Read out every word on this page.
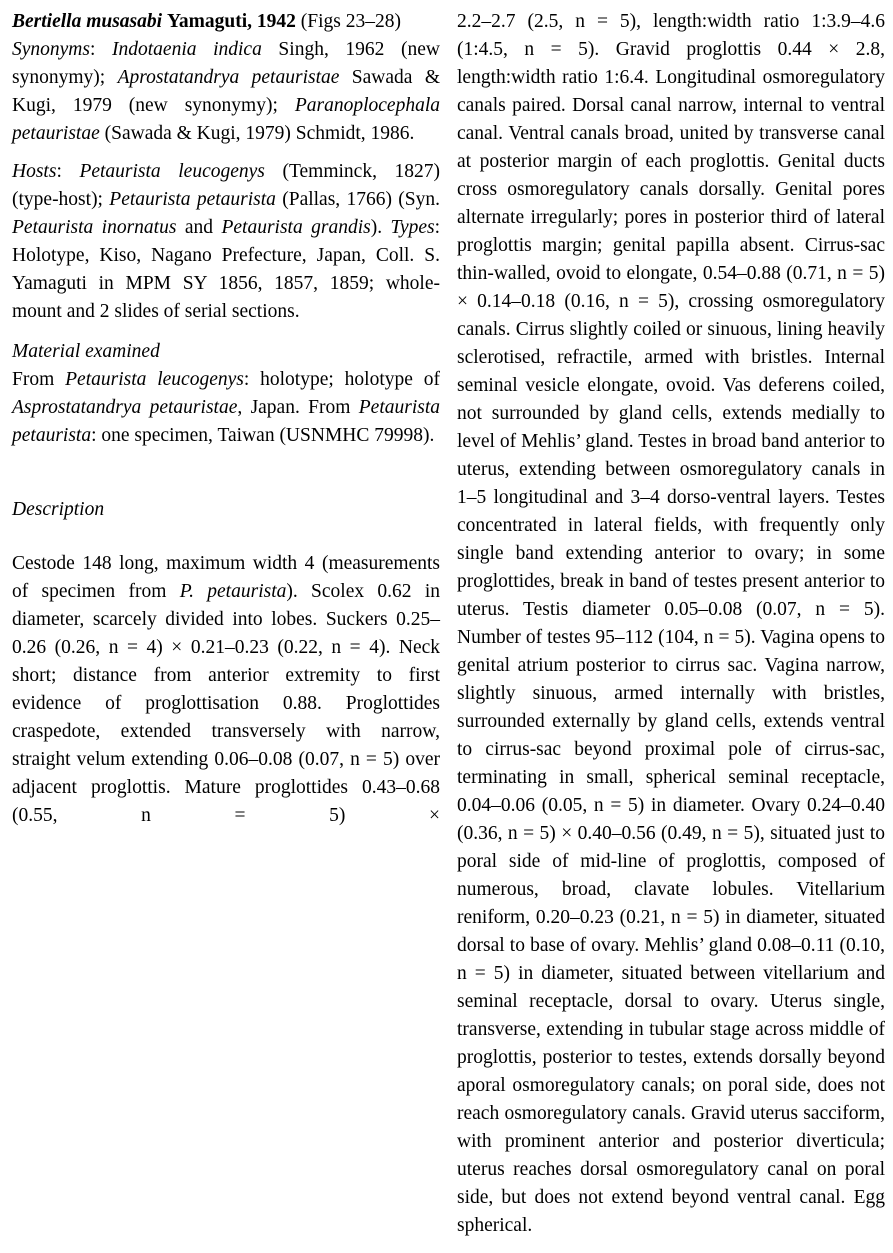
Bertiella musasabi Yamaguti, 1942 (Figs 23–28)

Synonyms: Indotaenia indica Singh, 1962 (new synonymy); Aprostatandrya petauristae Sawada & Kugi, 1979 (new synonymy); Paranoplocephala petauristae (Sawada & Kugi, 1979) Schmidt, 1986.

Hosts: Petaurista leucogenys (Temminck, 1827) (type-host); Petaurista petaurista (Pallas, 1766) (Syn. Petaurista inornatus and Petaurista grandis). Types: Holotype, Kiso, Nagano Prefecture, Japan, Coll. S. Yamaguti in MPM SY 1856, 1857, 1859; whole-mount and 2 slides of serial sections.

Material examined

From Petaurista leucogenys: holotype; holotype of Asprostatandrya petauristae, Japan. From Petaurista petaurista: one specimen, Taiwan (USNMHC 79998).

Description

Cestode 148 long, maximum width 4 (measurements of specimen from P. petaurista). Scolex 0.62 in diameter, scarcely divided into lobes. Suckers 0.25–0.26 (0.26, n = 4) × 0.21–0.23 (0.22, n = 4). Neck short; distance from anterior extremity to first evidence of proglottisation 0.88. Proglottides craspedote, extended transversely with narrow, straight velum extending 0.06–0.08 (0.07, n = 5) over adjacent proglottis. Mature proglottides 0.43–0.68 (0.55, n = 5) ×

2.2–2.7 (2.5, n = 5), length:width ratio 1:3.9–4.6 (1:4.5, n = 5). Gravid proglottis 0.44 × 2.8, length:width ratio 1:6.4. Longitudinal osmoregulatory canals paired. Dorsal canal narrow, internal to ventral canal. Ventral canals broad, united by transverse canal at posterior margin of each proglottis. Genital ducts cross osmoregulatory canals dorsally. Genital pores alternate irregularly; pores in posterior third of lateral proglottis margin; genital papilla absent. Cirrus-sac thin-walled, ovoid to elongate, 0.54–0.88 (0.71, n = 5) × 0.14–0.18 (0.16, n = 5), crossing osmoregulatory canals. Cirrus slightly coiled or sinuous, lining heavily sclerotised, refractile, armed with bristles. Internal seminal vesicle elongate, ovoid. Vas deferens coiled, not surrounded by gland cells, extends medially to level of Mehlis’ gland. Testes in broad band anterior to uterus, extending between osmoregulatory canals in 1–5 longitudinal and 3–4 dorso-ventral layers. Testes concentrated in lateral fields, with frequently only single band extending anterior to ovary; in some proglottides, break in band of testes present anterior to uterus. Testis diameter 0.05–0.08 (0.07, n = 5). Number of testes 95–112 (104, n = 5). Vagina opens to genital atrium posterior to cirrus sac. Vagina narrow, slightly sinuous, armed internally with bristles, surrounded externally by gland cells, extends ventral to cirrus-sac beyond proximal pole of cirrus-sac, terminating in small, spherical seminal receptacle, 0.04–0.06 (0.05, n = 5) in diameter. Ovary 0.24–0.40 (0.36, n = 5) × 0.40–0.56 (0.49, n = 5), situated just to poral side of mid-line of proglottis, composed of numerous, broad, clavate lobules. Vitellarium reniform, 0.20–0.23 (0.21, n = 5) in diameter, situated dorsal to base of ovary. Mehlis’ gland 0.08–0.11 (0.10, n = 5) in diameter, situated between vitellarium and seminal receptacle, dorsal to ovary. Uterus single, transverse, extending in tubular stage across middle of proglottis, posterior to testes, extends dorsally beyond aporal osmoregulatory canals; on poral side, does not reach osmoregulatory canals. Gravid uterus sacciform, with prominent anterior and posterior diverticula; uterus reaches dorsal osmoregulatory canal on poral side, but does not extend beyond ventral canal. Egg spherical.
